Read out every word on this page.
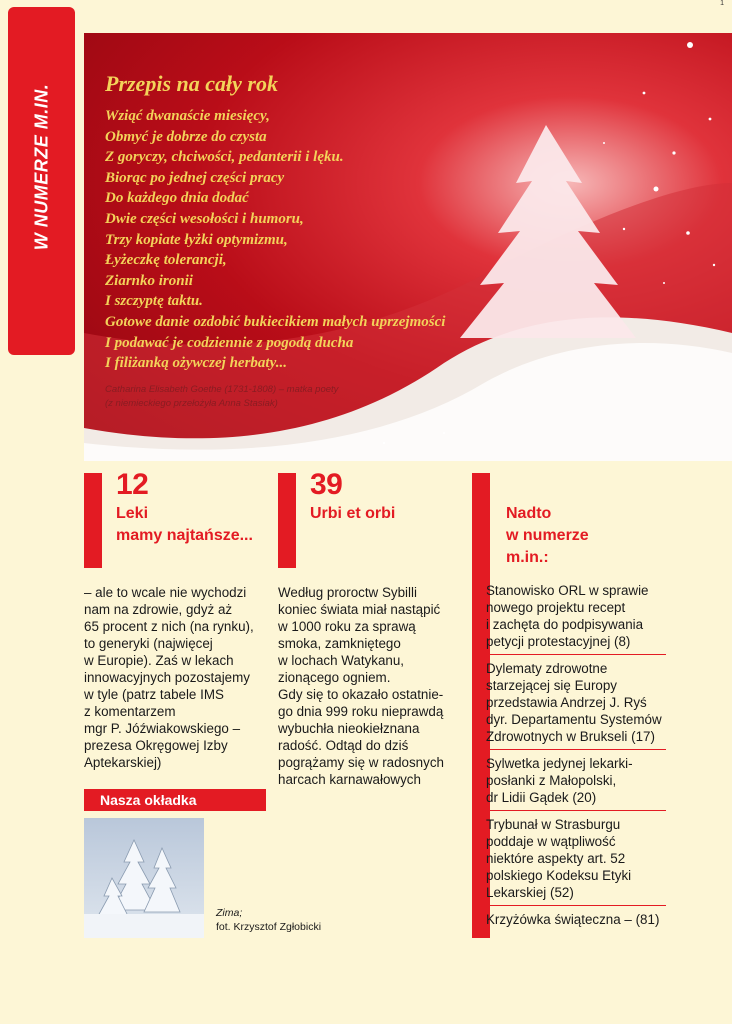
1
W NUMERZE M.IN.
Przepis na cały rok
Wziąć dwanaście miesięcy,
Obmyć je dobrze do czysta
Z goryczy, chciwości, pedanterii i lęku.
Biorąc po jednej części pracy
Do każdego dnia dodać
Dwie części wesołości i humoru,
Trzy kopiate łyżki optymizmu,
Łyżeczkę tolerancji,
Ziarnko ironii
I szczyptę taktu.
Gotowe danie ozdobić bukiecikiem małych uprzejmości
I podawać je codziennie z pogodą ducha
I filiżanką ożywczej herbaty...
Catharina Elisabeth Goethe (1731-1808) – matka poety
(z niemieckiego przełożyła Anna Stasiak)
12
Leki
mamy najtańsze...
– ale to wcale nie wychodzi
nam na zdrowie, gdyż aż
65 procent z nich (na rynku),
to generyki (najwięcej
w Europie). Zaś w lekach
innowacyjnych pozostajemy
w tyle (patrz tabele IMS
z komentarzem
mgr P. Jóźwiakowskiego –
prezesa Okręgowej Izby
Aptekarskiej)
39
Urbi et orbi
Według proroctw Sybilli
koniec świata miał nastąpić
w 1000 roku za sprawą
smoka, zamkniętego
w lochach Watykanu,
zionącego ogniem.
Gdy się to okazało ostatnie-
go dnia 999 roku nieprawdą
wybuchła nieokiełznana
radość. Odtąd do dziś
pogrążamy się w radosnych
harcach karnawałowych
Nadto
w numerze
m.in.:
Stanowisko ORL w sprawie
nowego projektu recept
i zachęta do podpisywania
petycji protestacyjnej (8)
Dylematy zdrowotne
starzejącej się Europy
przedstawia Andrzej J. Ryś
dyr. Departamentu Systemów
Zdrowotnych w Brukseli (17)
Sylwetka jedynej lekarki-
posłanki z Małopolski,
dr Lidii Gądek (20)
Trybunał w Strasburgu
poddaje w wątpliwość
niektóre aspekty art. 52
polskiego Kodeksu Etyki
Lekarskiej (52)
Krzyżówka świąteczna – (81)
Nasza okładka
Zima;
fot. Krzysztof Zgłobicki
